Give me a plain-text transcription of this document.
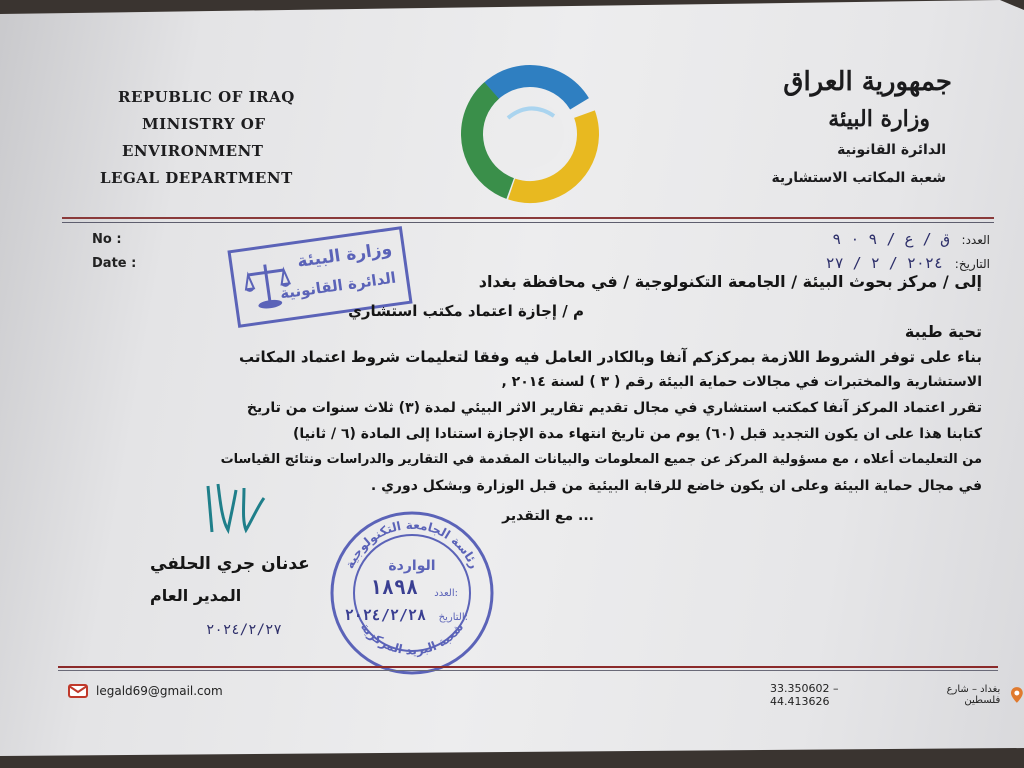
REPUBLIC OF IRAQ
MINISTRY OF
ENVIRONMENT
LEGAL DEPARTMENT
جمهورية العراق
وزارة البيئة
الدائرة القانونية
شعبة المكاتب الاستشارية
No :
Date :
العدد: ق / ع / ٩ ٠ ٩
التاريخ: ٢٠٢٤ / ٢ / ٢٧
وزارة البيئة
الدائرة القانونية	إلى / مركز بحوث البيئة / الجامعة التكنولوجية / في محافظة بغداد
م / إجازة اعتماد مكتب استشاري
تحية طيبة
بناء على توفر الشروط اللازمة بمركزكم آنفا وبالكادر العامل فيه وفقا لتعليمات شروط اعتماد المكاتب
الاستشارية والمختبرات في مجالات حماية البيئة رقم ( ٣ ) لسنة ٢٠١٤ ,
تقرر اعتماد المركز آنفا كمكتب استشاري في مجال تقديم تقارير الاثر البيئي لمدة (٣) ثلاث سنوات من تاريخ
كتابنا هذا على ان يكون التجديد قبل (٦٠) يوم من تاريخ انتهاء مدة الإجازة استنادا إلى المادة (٦ / ثانيا)
من التعليمات أعلاه ، مع مسؤولية المركز عن جميع المعلومات والبيانات المقدمة في التقارير والدراسات ونتائج القياسات
في مجال حماية البيئة وعلى ان يكون خاضع للرقابة البيئية من قبل الوزارة وبشكل دوري .
... مع التقدير
رئاسة الجامعة التكنولوجية
شعبة البريد المركزية
الواردة
العدد:
١٨٩٨
التاريخ:
٢٠٢٤/٢/٢٨
عدنان جري الحلفي
المدير العام
٢٠٢٤/٢/٢٧
legald69@gmail.com	33.350602 – 44.413626
بغداد – شارع فلسطين
